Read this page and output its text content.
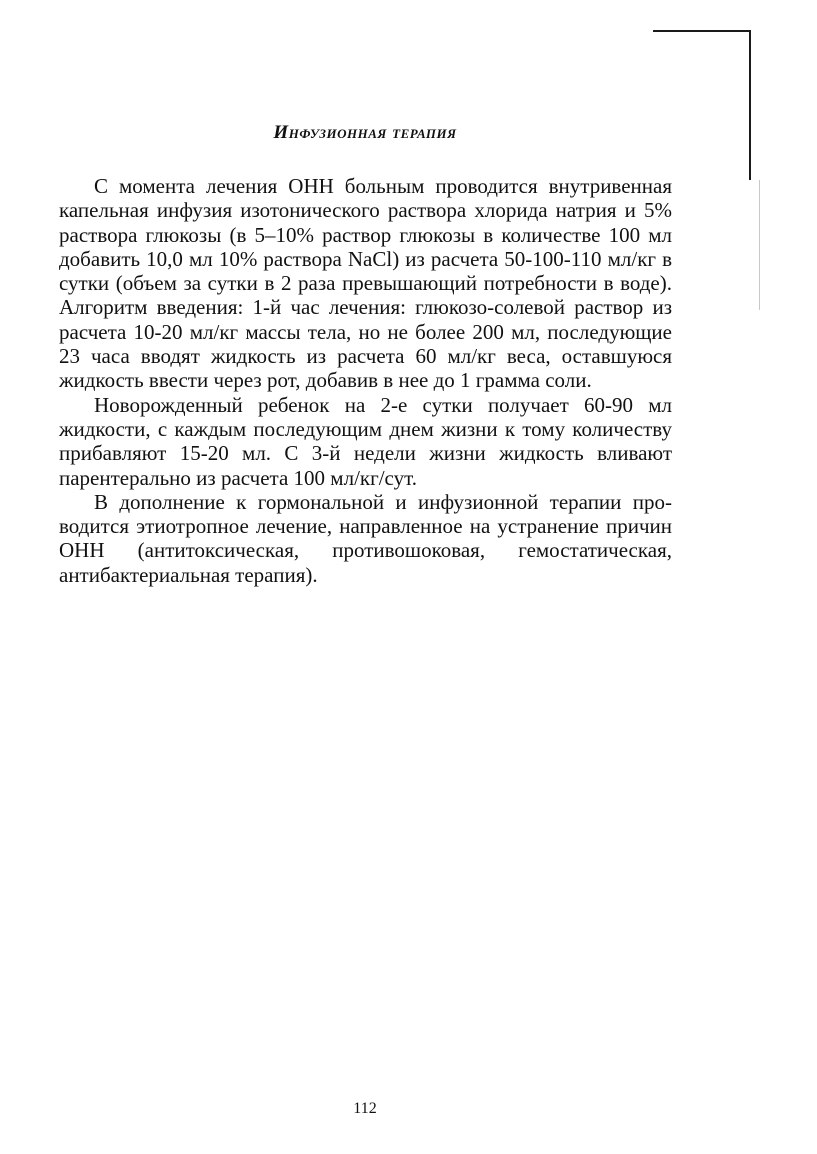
Инфузионная терапия

С момента лечения ОНН больным проводится внутривенная капельная инфузия изотонического раствора хлорида натрия и 5% раствора глюкозы (в 5–10% раствор глюкозы в количестве 100 мл добавить 10,0 мл 10% раствора NaCl) из расчета 50-100-110 мл/кг в сутки (объем за сутки в 2 раза превышающий потребности в воде). Алгоритм введения: 1-й час лечения: глюкозо-солевой раствор из расчета 10-20 мл/кг массы тела, но не более 200 мл, последующие 23 часа вводят жидкость из расчета 60 мл/кг веса, оставшуюся жидкость ввести через рот, добавив в нее до 1 грамма соли.

Новорожденный ребенок на 2-е сутки получает 60-90 мл жидкости, с каждым последующим днем жизни к тому количеству прибавляют 15-20 мл. С 3-й недели жизни жидкость вливают парентерально из расчета 100 мл/кг/сут.

В дополнение к гормональной и инфузионной терапии проводится этиотропное лечение, направленное на устранение причин ОНН (антитоксическая, противошоковая, гемостатическая, антибактериальная терапия).

112
